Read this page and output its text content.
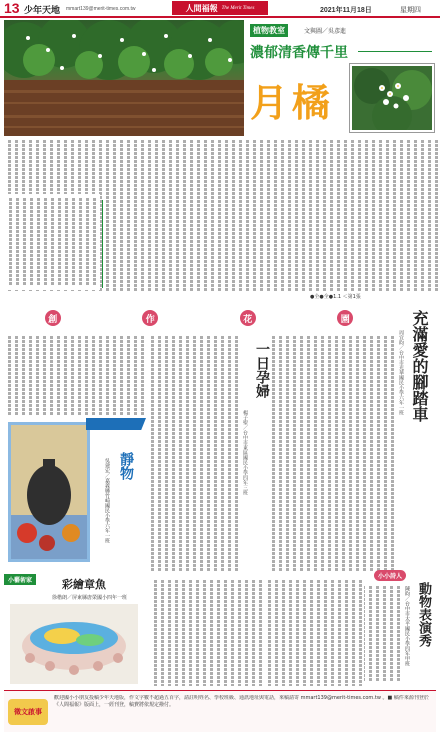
13 少年天地 mmart139@merit-times.com.tw	人間福報 The Merit Times	2021年11月18日	星期四
植物教室	文與圖／吳彥進
濃郁清香傳千里
月橘
●全●全●1.1 ＜第1張
創	作	花	園	充滿愛的腳踏車
周宜昀／台中市光華國民小學六年一班
一日孕婦
楊子聖／台中市東區國民小學四年三班
靜物
吳建宏／嘉義縣竹崎國民小學六年一班
小藝術家	彩繪章魚
徐楷朗／屏東縣唐榮國小四年一班
小小詩人
動物表演秀
陳昀／台中市太平國民小學四年甲班
徵文啟事
歡迎國小小朋友投稿少年天地版，作文字數不超過五百字，請註明姓名、學校班級、通訊地址與電話，來稿請寄 mmart139@merit-times.com.tw 。■ 稿件來源刊登於《人間福報》版面上，一經刊登，稿費將依規定撥付。
